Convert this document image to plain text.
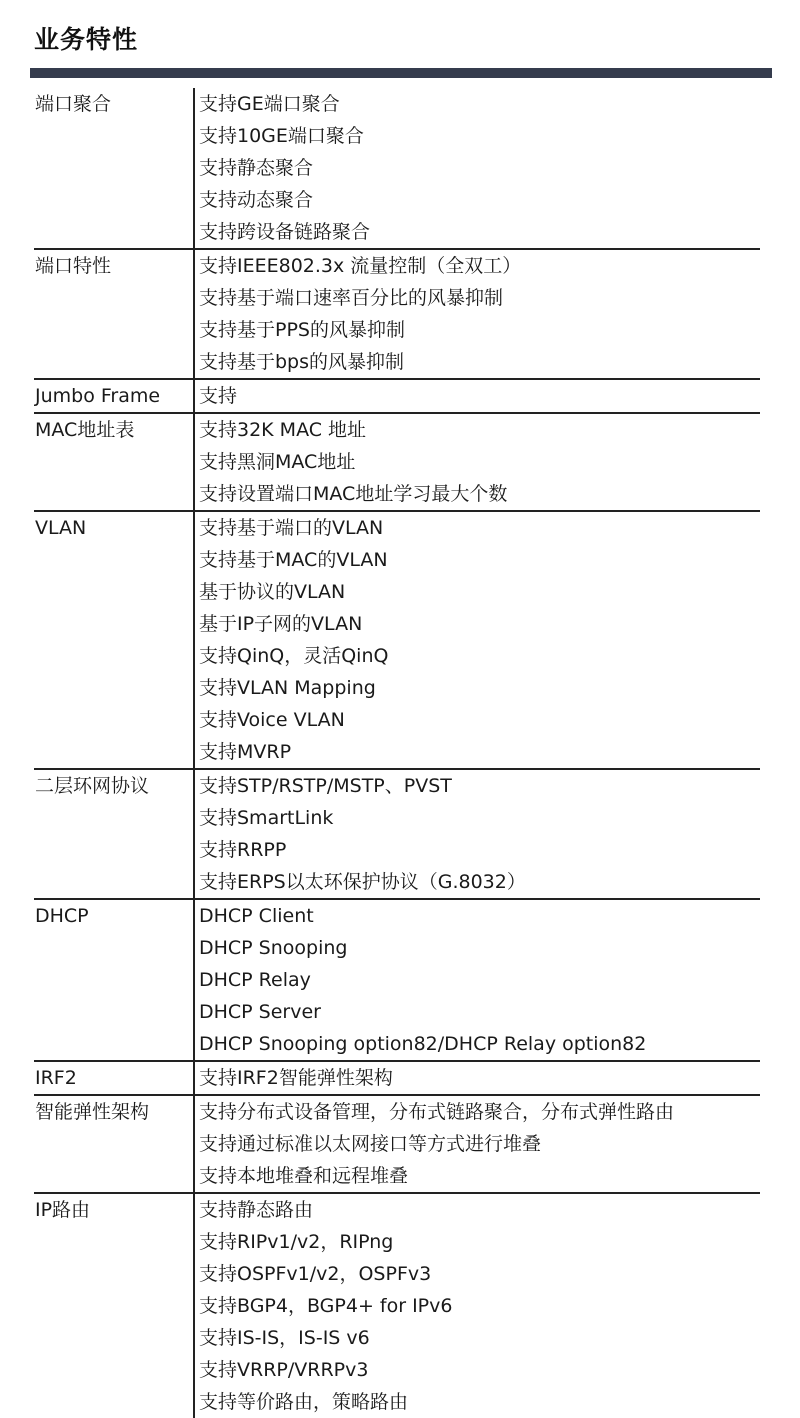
业务特性
端口聚合	支持GE端口聚合
支持10GE端口聚合
支持静态聚合
支持动态聚合
支持跨设备链路聚合
端口特性	支持IEEE802.3x 流量控制（全双工）
支持基于端口速率百分比的风暴抑制
支持基于PPS的风暴抑制
支持基于bps的风暴抑制
Jumbo Frame	支持
MAC地址表	支持32K MAC 地址
支持黑洞MAC地址
支持设置端口MAC地址学习最大个数
VLAN	支持基于端口的VLAN
支持基于MAC的VLAN
基于协议的VLAN
基于IP子网的VLAN
支持QinQ，灵活QinQ
支持VLAN Mapping
支持Voice VLAN
支持MVRP
二层环网协议	支持STP/RSTP/MSTP、PVST
支持SmartLink
支持RRPP
支持ERPS以太环保护协议（G.8032）
DHCP	DHCP Client
DHCP Snooping
DHCP Relay
DHCP Server
DHCP Snooping option82/DHCP Relay option82
IRF2	支持IRF2智能弹性架构
智能弹性架构	支持分布式设备管理，分布式链路聚合，分布式弹性路由
支持通过标准以太网接口等方式进行堆叠
支持本地堆叠和远程堆叠
IP路由	支持静态路由
支持RIPv1/v2，RIPng
支持OSPFv1/v2，OSPFv3
支持BGP4，BGP4+ for IPv6
支持IS-IS，IS-IS v6
支持VRRP/VRRPv3
支持等价路由，策略路由
